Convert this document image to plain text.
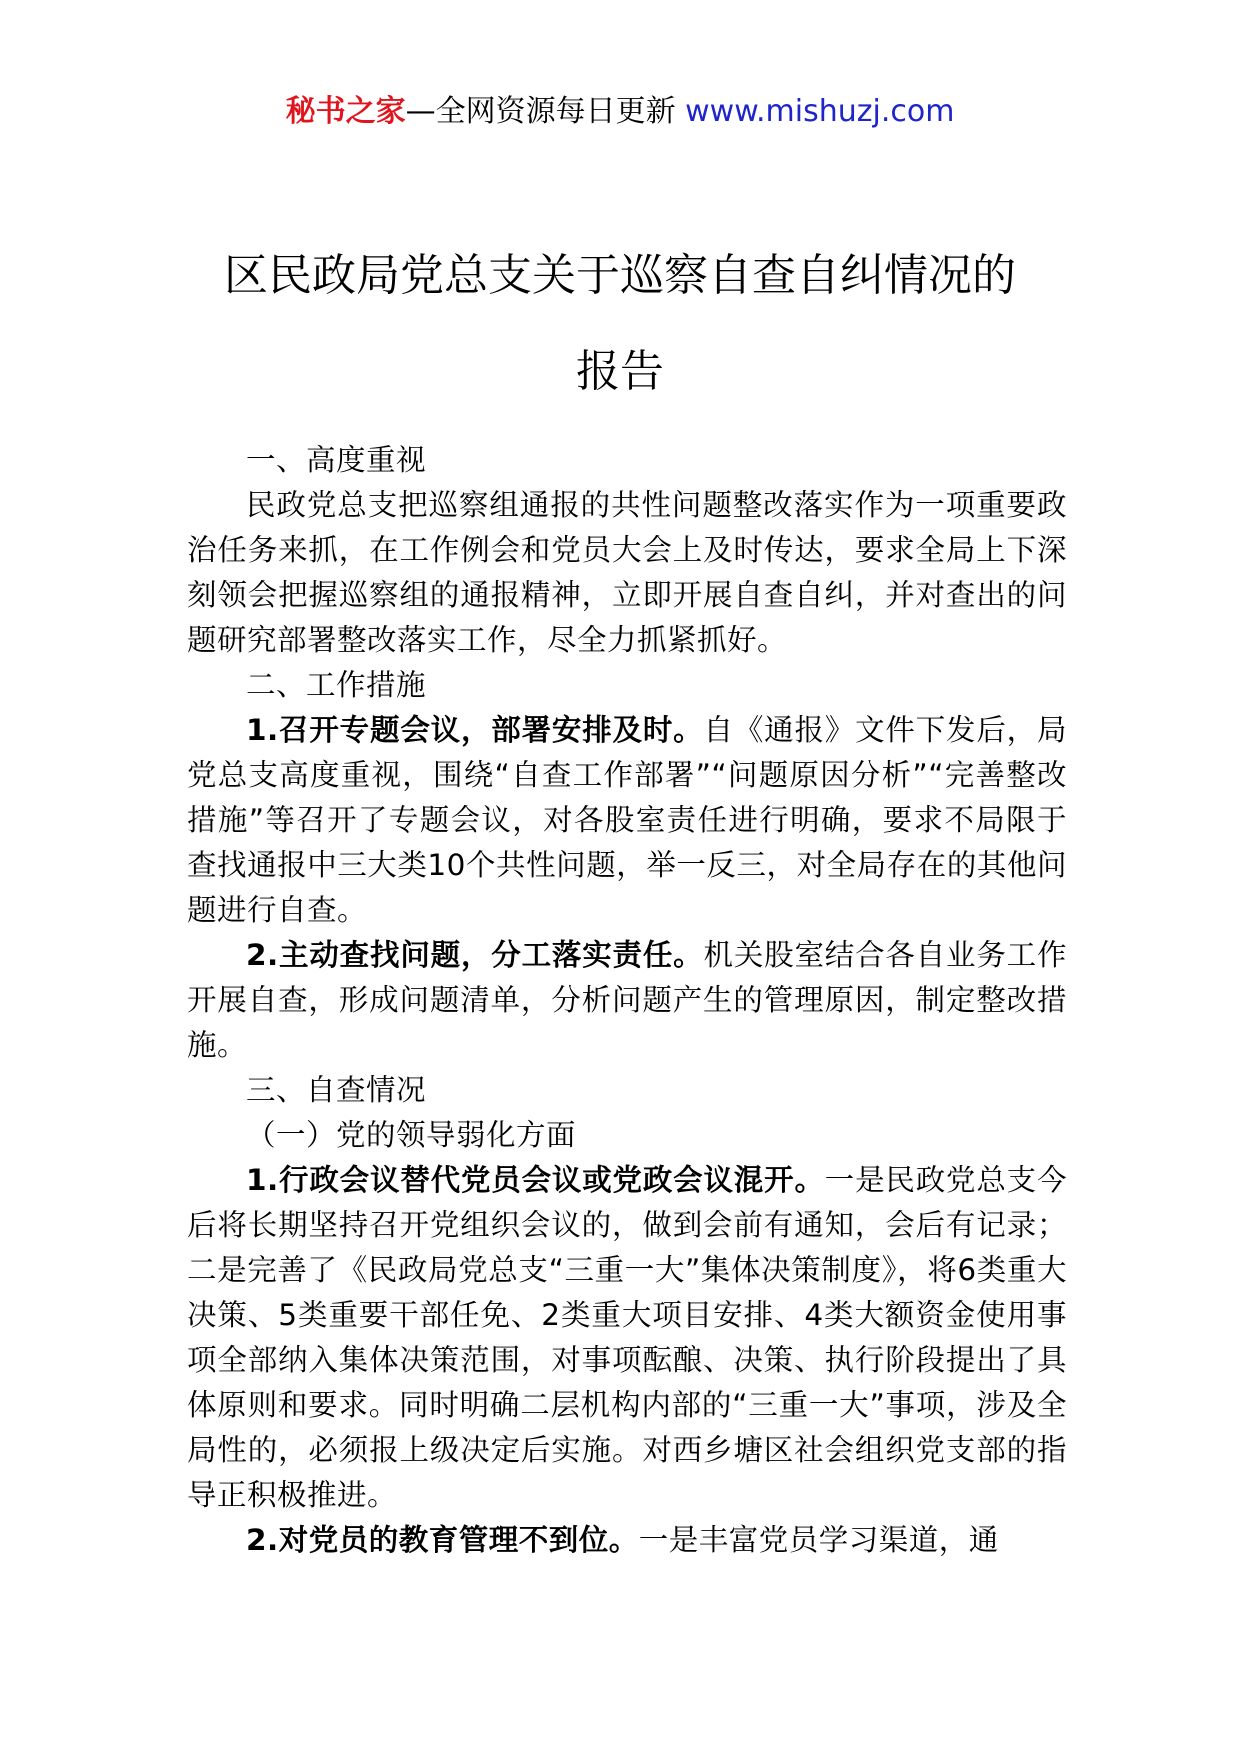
秘书之家—全网资源每日更新 www.mishuzj.com
区民政局党总支关于巡察自查自纠情况的
报告

一、高度重视

民政党总支把巡察组通报的共性问题整改落实作为一项重要政治任务来抓，在工作例会和党员大会上及时传达，要求全局上下深刻领会把握巡察组的通报精神，立即开展自查自纠，并对查出的问题研究部署整改落实工作，尽全力抓紧抓好。

二、工作措施

1.召开专题会议，部署安排及时。自《通报》文件下发后，局党总支高度重视，围绕“自查工作部署”“问题原因分析”“完善整改措施”等召开了专题会议，对各股室责任进行明确，要求不局限于查找通报中三大类10个共性问题，举一反三，对全局存在的其他问题进行自查。

2.主动查找问题，分工落实责任。机关股室结合各自业务工作开展自查，形成问题清单，分析问题产生的管理原因，制定整改措施。

三、自查情况

（一）党的领导弱化方面

1.行政会议替代党员会议或党政会议混开。一是民政党总支今后将长期坚持召开党组织会议的，做到会前有通知，会后有记录；二是完善了《民政局党总支“三重一大”集体决策制度》，将6类重大决策、5类重要干部任免、2类重大项目安排、4类大额资金使用事项全部纳入集体决策范围，对事项酝酿、决策、执行阶段提出了具体原则和要求。同时明确二层机构内部的“三重一大”事项，涉及全局性的，必须报上级决定后实施。对西乡塘区社会组织党支部的指导正积极推进。

2.对党员的教育管理不到位。一是丰富党员学习渠道，通
